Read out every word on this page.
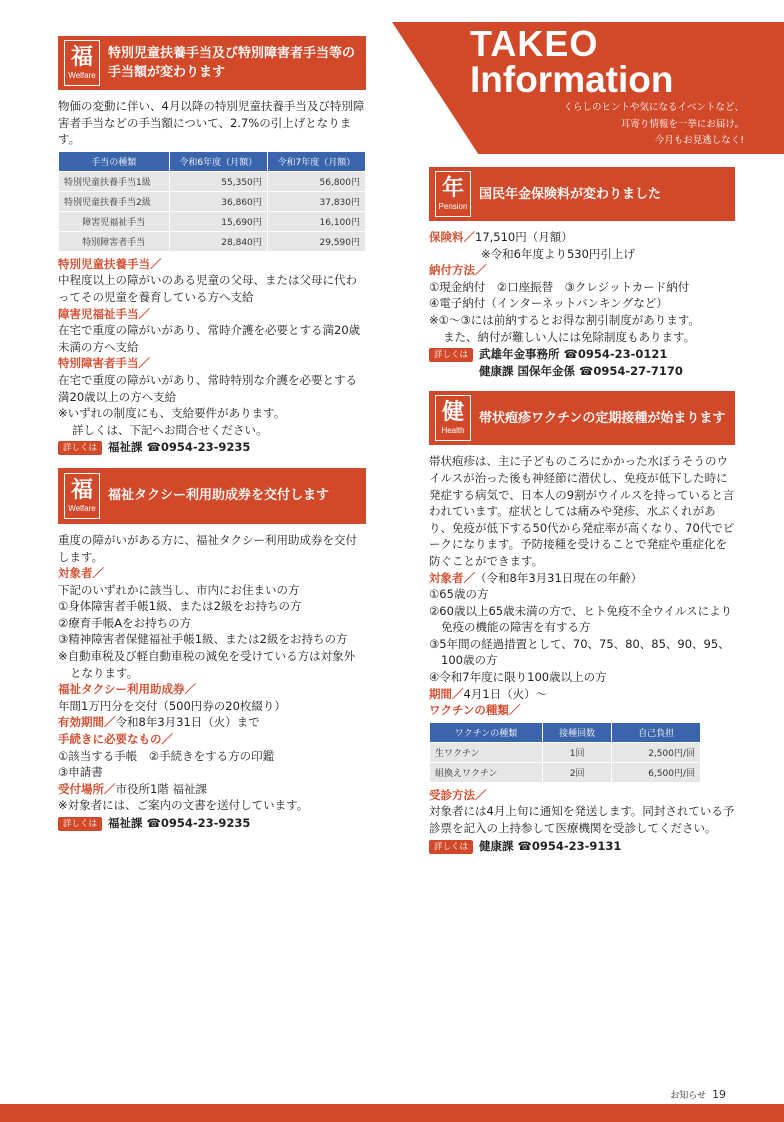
TAKEO
Information
くらしのヒントや気になるイベントなど、
耳寄り情報を一挙にお届け。
今月もお見逃しなく!
福
Welfare
特別児童扶養手当及び特別障害者手当等の手当額が変わります

物価の変動に伴い、4月以降の特別児童扶養手当及び特別障害者手当などの手当額について、2.7%の引上げとなります。

手当の種類	令和6年度（月額）	令和7年度（月額）
特別児童扶養手当1級	55,350円	56,800円
特別児童扶養手当2級	36,860円	37,830円
障害児福祉手当	15,690円	16,100円
特別障害者手当	28,840円	29,590円
特別児童扶養手当／

中程度以上の障がいのある児童の父母、または父母に代わってその児童を養育している方へ支給

障害児福祉手当／

在宅で重度の障がいがあり、常時介護を必要とする満20歳未満の方へ支給

特別障害者手当／

在宅で重度の障がいがあり、常時特別な介護を必要とする満20歳以上の方へ支給

※いずれの制度にも、支給要件があります。

詳しくは、下記へお問合せください。

詳しくは 福祉課 ☎0954-23-9235
福
Welfare
福祉タクシー利用助成券を交付します

重度の障がいがある方に、福祉タクシー利用助成券を交付します。

対象者／

下記のいずれかに該当し、市内にお住まいの方

①身体障害者手帳1級、または2級をお持ちの方

②療育手帳Aをお持ちの方

③精神障害者保健福祉手帳1級、または2級をお持ちの方

※自動車税及び軽自動車税の減免を受けている方は対象外となります。

福祉タクシー利用助成券／

年間1万円分を交付（500円券の20枚綴り）

有効期間／令和8年3月31日（火）まで
手続きに必要なもの／

①該当する手帳　②手続きをする方の印鑑

③申請書

受付場所／市役所1階 福祉課

※対象者には、ご案内の文書を送付しています。

詳しくは 福祉課 ☎0954-23-9235
年
Pension
国民年金保険料が変わりました
保険料／17,510円（月額）

※令和6年度より530円引上げ

納付方法／

①現金納付　②口座振替　③クレジットカード納付

④電子納付（インターネットバンキングなど）

※①～③には前納するとお得な割引制度があります。

また、納付が難しい人には免除制度もあります。

詳しくは 武雄年金事務所 ☎0954-23-0121
健康課 国保年金係 ☎0954-27-7170
健
Health
帯状疱疹ワクチンの定期接種が始まります

帯状疱疹は、主に子どものころにかかった水ぼうそうのウイルスが治った後も神経節に潜伏し、免疫が低下した時に発症する病気で、日本人の9割がウイルスを持っていると言われています。症状としては痛みや発疹、水ぶくれがあり、免疫が低下する50代から発症率が高くなり、70代でピークになります。予防接種を受けることで発症や重症化を防ぐことができます。

対象者／（令和8年3月31日現在の年齢）

①65歳の方

②60歳以上65歳未満の方で、ヒト免疫不全ウイルスにより免疫の機能の障害を有する方

③5年間の経過措置として、70、75、80、85、90、95、100歳の方

④令和7年度に限り100歳以上の方

期間／4月1日（火）～
ワクチンの種類／
ワクチンの種類	接種回数	自己負担
生ワクチン	1回	2,500円/回
組換えワクチン	2回	6,500円/回
受診方法／

対象者には4月上旬に通知を発送します。同封されている予診票を記入の上持参して医療機関を受診してください。

詳しくは 健康課 ☎0954-23-9131
お知らせ 19
